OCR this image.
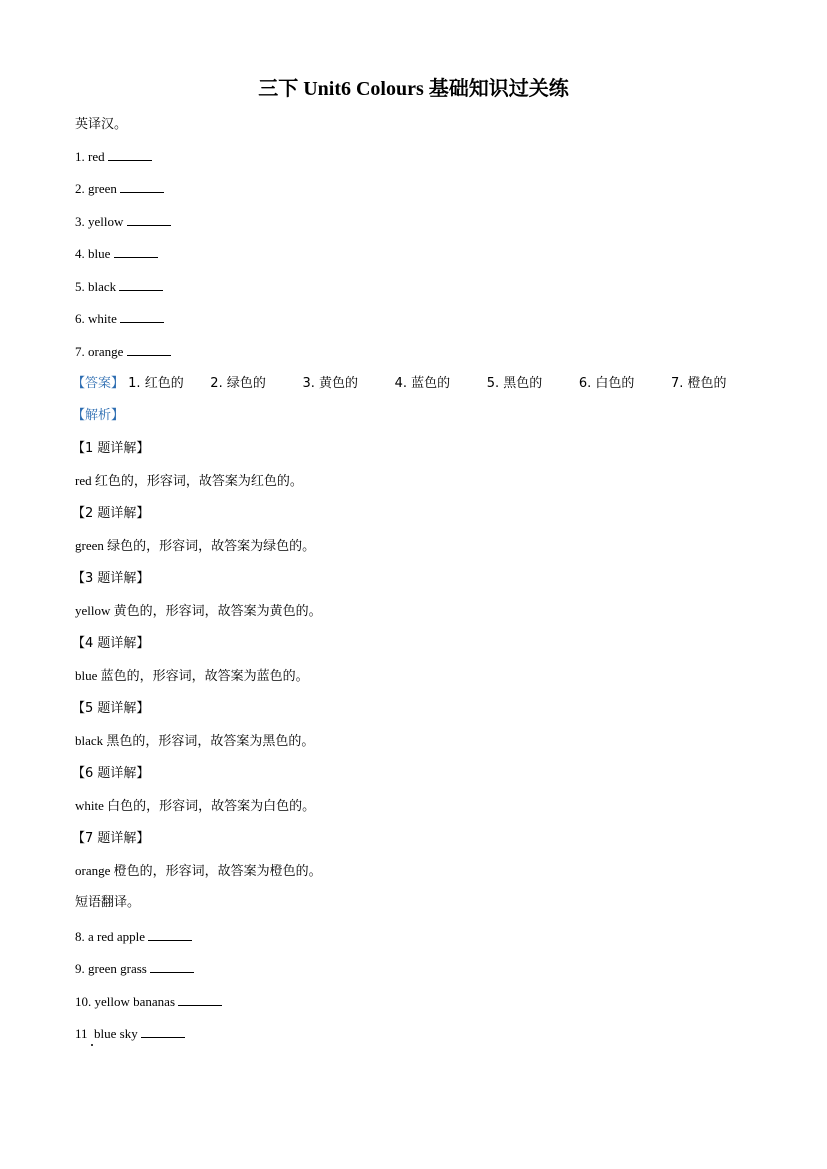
三下 Unit6 Colours 基础知识过关练
英译汉。
1. red
2. green
3. yellow
4. blue
5. black
6. white
7. orange
【答案】 1. 红色的 2. 绿色的	3. 黄色的	4. 蓝色的	5. 黑色的	6. 白色的	7. 橙色的
【解析】
【1 题详解】
red 红色的，形容词，故答案为红色的。
【2 题详解】
green 绿色的，形容词，故答案为绿色的。
【3 题详解】
yellow 黄色的，形容词，故答案为黄色的。
【4 题详解】
blue 蓝色的，形容词，故答案为蓝色的。
【5 题详解】
black 黑色的，形容词，故答案为黑色的。
【6 题详解】
white 白色的，形容词，故答案为白色的。
【7 题详解】
orange 橙色的，形容词，故答案为橙色的。
短语翻译。
8. a red apple
9. green grass
10. yellow bananas
11 blue sky
